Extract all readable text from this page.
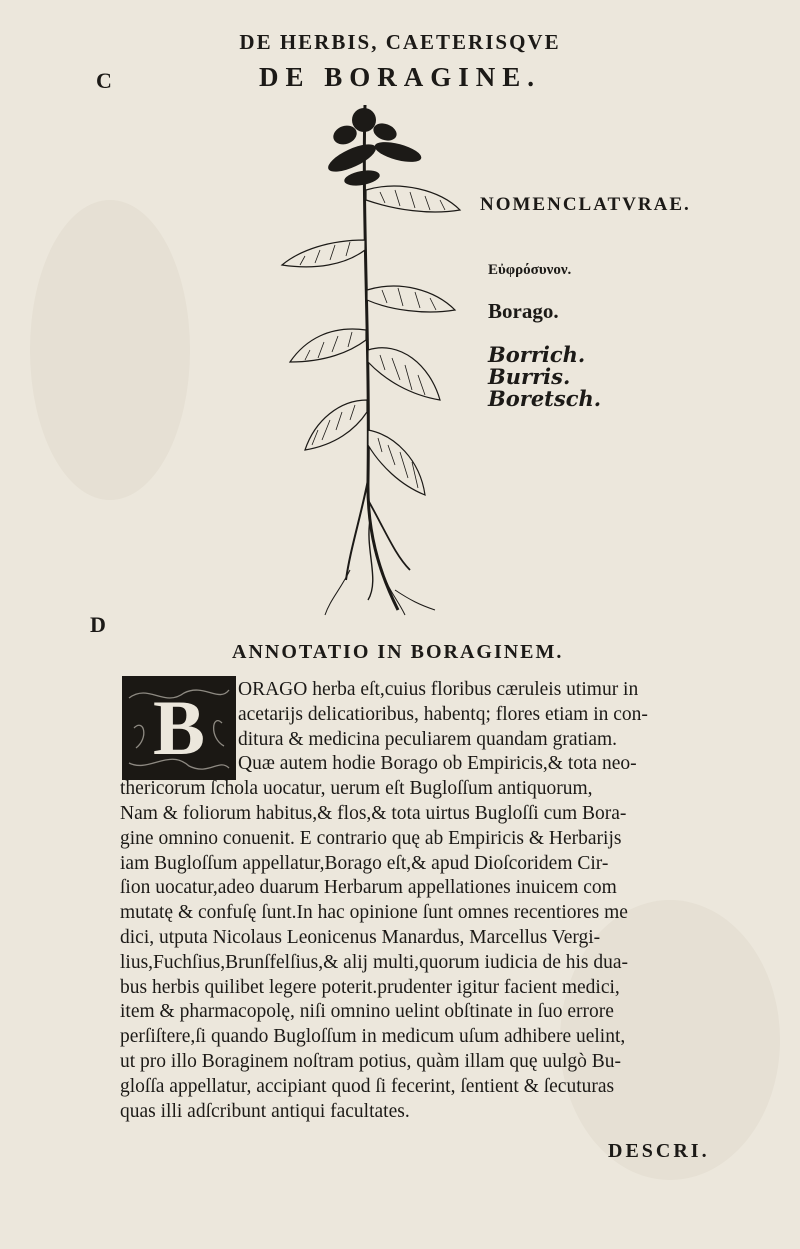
DE HERBIS, CAETERISQVE
DE BORAGINE.
C
D
NOMENCLATVRAE.
Εὐφρόσυνον.
Borago.
Borrich.
Burris.
Boretsch.
ANNOTATIO IN BORAGINEM.
B	ORAGO herba eſt,cuius floribus cæruleis utimur in
acetarijs delicatioribus, habentq; flores etiam in con-
ditura & medicina peculiarem quandam gratiam.
Quæ autem hodie Borago ob Empiricis,& tota neo-
thericorum ſchola uocatur, uerum eſt Bugloſſum antiquorum,
Nam & foliorum habitus,& flos,& tota uirtus Bugloſſi cum Bora-
gine omnino conuenit. E contrario quę ab Empiricis & Herbarijs
iam Bugloſſum appellatur,Borago eſt,& apud Dioſcoridem Cir-
ſion uocatur,adeo duarum Herbarum appellationes inuicem com
mutatę & confuſę ſunt.In hac opinione ſunt omnes recentiores me
dici, utputa Nicolaus Leonicenus Manardus, Marcellus Vergi-
lius,Fuchſius,Brunſfelſius,& alij multi,quorum iudicia de his dua-
bus herbis quilibet legere poterit.prudenter igitur facient medici,
item & pharmacopolę, niſi omnino uelint obſtinate in ſuo errore
perſiſtere,ſi quando Bugloſſum in medicum uſum adhibere uelint,
ut pro illo Boraginem noſtram potius, quàm illam quę uulgò Bu-
gloſſa appellatur, accipiant quod ſi fecerint, ſentient & ſecuturas
quas illi adſcribunt antiqui facultates.
DESCRI.
